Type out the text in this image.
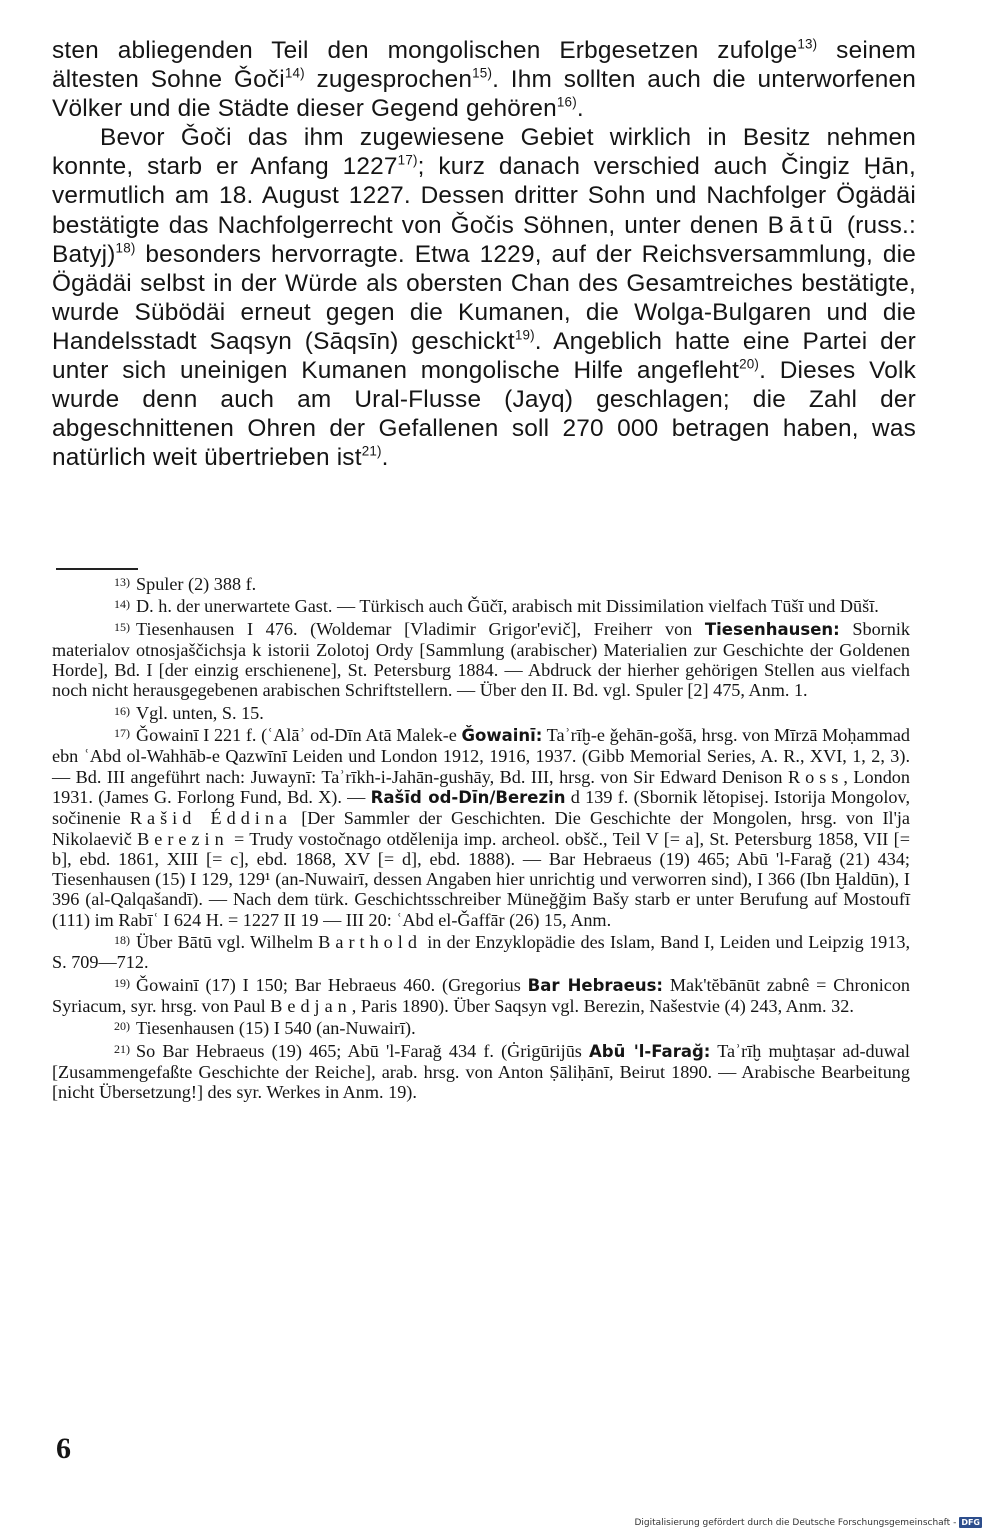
sten abliegenden Teil den mongolischen Erbgesetzen zufolge$^{13)}$ seinem ältesten Sohne Ǧoči$^{14)}$ zugesprochen$^{15)}$. Ihm sollten auch die unterworfenen Völker und die Städte dieser Gegend gehören$^{16)}$.

Bevor Ǧoči das ihm zugewiesene Gebiet wirklich in Besitz nehmen konnte, starb er Anfang 1227$^{17)}$; kurz danach verschied auch Čingiz Ḫān, vermutlich am 18. August 1227. Dessen dritter Sohn und Nachfolger Ögädäi bestätigte das Nachfolgerrecht von Ǧočis Söhnen, unter denen Bātū (russ.: Batyj)$^{18)}$ besonders hervorragte. Etwa 1229, auf der Reichsversammlung, die Ögädäi selbst in der Würde als obersten Chan des Gesamtreiches bestätigte, wurde Sübödäi erneut gegen die Kumanen, die Wolga-Bulgaren und die Handelsstadt Saqsyn (Sāqsīn) geschickt$^{19)}$. Angeblich hatte eine Partei der unter sich uneinigen Kumanen mongolische Hilfe angefleht$^{20)}$. Dieses Volk wurde denn auch am Ural-Flusse (Jayq) geschlagen; die Zahl der abgeschnittenen Ohren der Gefallenen soll 270 000 betragen haben, was natürlich weit übertrieben ist$^{21)}$.

13) Spuler (2) 388 f.

14) D. h. der unerwartete Gast. — Türkisch auch Ǧūčī, arabisch mit Dissimilation vielfach Tūšī und Dūšī.

15) Tiesenhausen I 476. (Woldemar [Vladimir Grigor'evič], Freiherr von Tiesenhausen: Sbornik materialov otnosjaščichsja k istorii Zolotoj Ordy [Sammlung (arabischer) Materialien zur Geschichte der Goldenen Horde], Bd. I [der einzig erschienene], St. Petersburg 1884. — Abdruck der hierher gehörigen Stellen aus vielfach noch nicht herausgegebenen arabischen Schriftstellern. — Über den II. Bd. vgl. Spuler [2] 475, Anm. 1.

16) Vgl. unten, S. 15.

17) Ǧowainī I 221 f. (ʿAlāʾ od-Dīn Atā Malek-e Ǧowainī: Taʾrīḫ-e ǧehān-gošā, hrsg. von Mīrzā Moḥammad ebn ʿAbd ol-Wahhāb-e Qazwīnī Leiden und London 1912, 1916, 1937. (Gibb Memorial Series, A. R., XVI, 1, 2, 3). — Bd. III angeführt nach: Juwaynī: Taʾrīkh-i-Jahān-gushāy, Bd. III, hrsg. von Sir Edward Denison Ross, London 1931. (James G. Forlong Fund, Bd. X). — Rašīd od-Dīn/Berezin d 139 f. (Sbornik lětopisej. Istorija Mongolov, sočinenie Rašid Éddina [Der Sammler der Geschichten. Die Geschichte der Mongolen, hrsg. von Il'ja Nikolaevič Berezin = Trudy vostočnago otdělenija imp. archeol. obšč., Teil V [= a], St. Petersburg 1858, VII [= b], ebd. 1861, XIII [= c], ebd. 1868, XV [= d], ebd. 1888). — Bar Hebraeus (19) 465; Abū 'l-Farağ (21) 434; Tiesenhausen (15) I 129, 129¹ (an-Nuwairī, dessen Angaben hier unrichtig und verworren sind), I 366 (Ibn Ḫaldūn), I 396 (al-Qalqašandī). — Nach dem türk. Geschichtsschreiber Müneğğim Bašy starb er unter Berufung auf Mostoufī (111) im Rabīʿ I 624 H. = 1227 II 19 — III 20: ʿAbd el-Ǧaffār (26) 15, Anm.

18) Über Bātū vgl. Wilhelm Barthold in der Enzyklopädie des Islam, Band I, Leiden und Leipzig 1913, S. 709—712.

19) Ǧowainī (17) I 150; Bar Hebraeus 460. (Gregorius Bar Hebraeus: Mak'tĕbānūt zabnê = Chronicon Syriacum, syr. hrsg. von Paul Bedjan, Paris 1890). Über Saqsyn vgl. Berezin, Našestvie (4) 243, Anm. 32.

20) Tiesenhausen (15) I 540 (an-Nuwairī).

21) So Bar Hebraeus (19) 465; Abū 'l-Farağ 434 f. (Ġrigūrijūs Abū 'l-Farağ: Taʾrīḫ muḫtaṣar ad-duwal [Zusammengefaßte Geschichte der Reiche], arab. hrsg. von Anton Ṣāliḥānī, Beirut 1890. — Arabische Bearbeitung [nicht Übersetzung!] des syr. Werkes in Anm. 19).

6
Digitalisierung gefördert durch die Deutsche Forschungsgemeinschaft - DFG
